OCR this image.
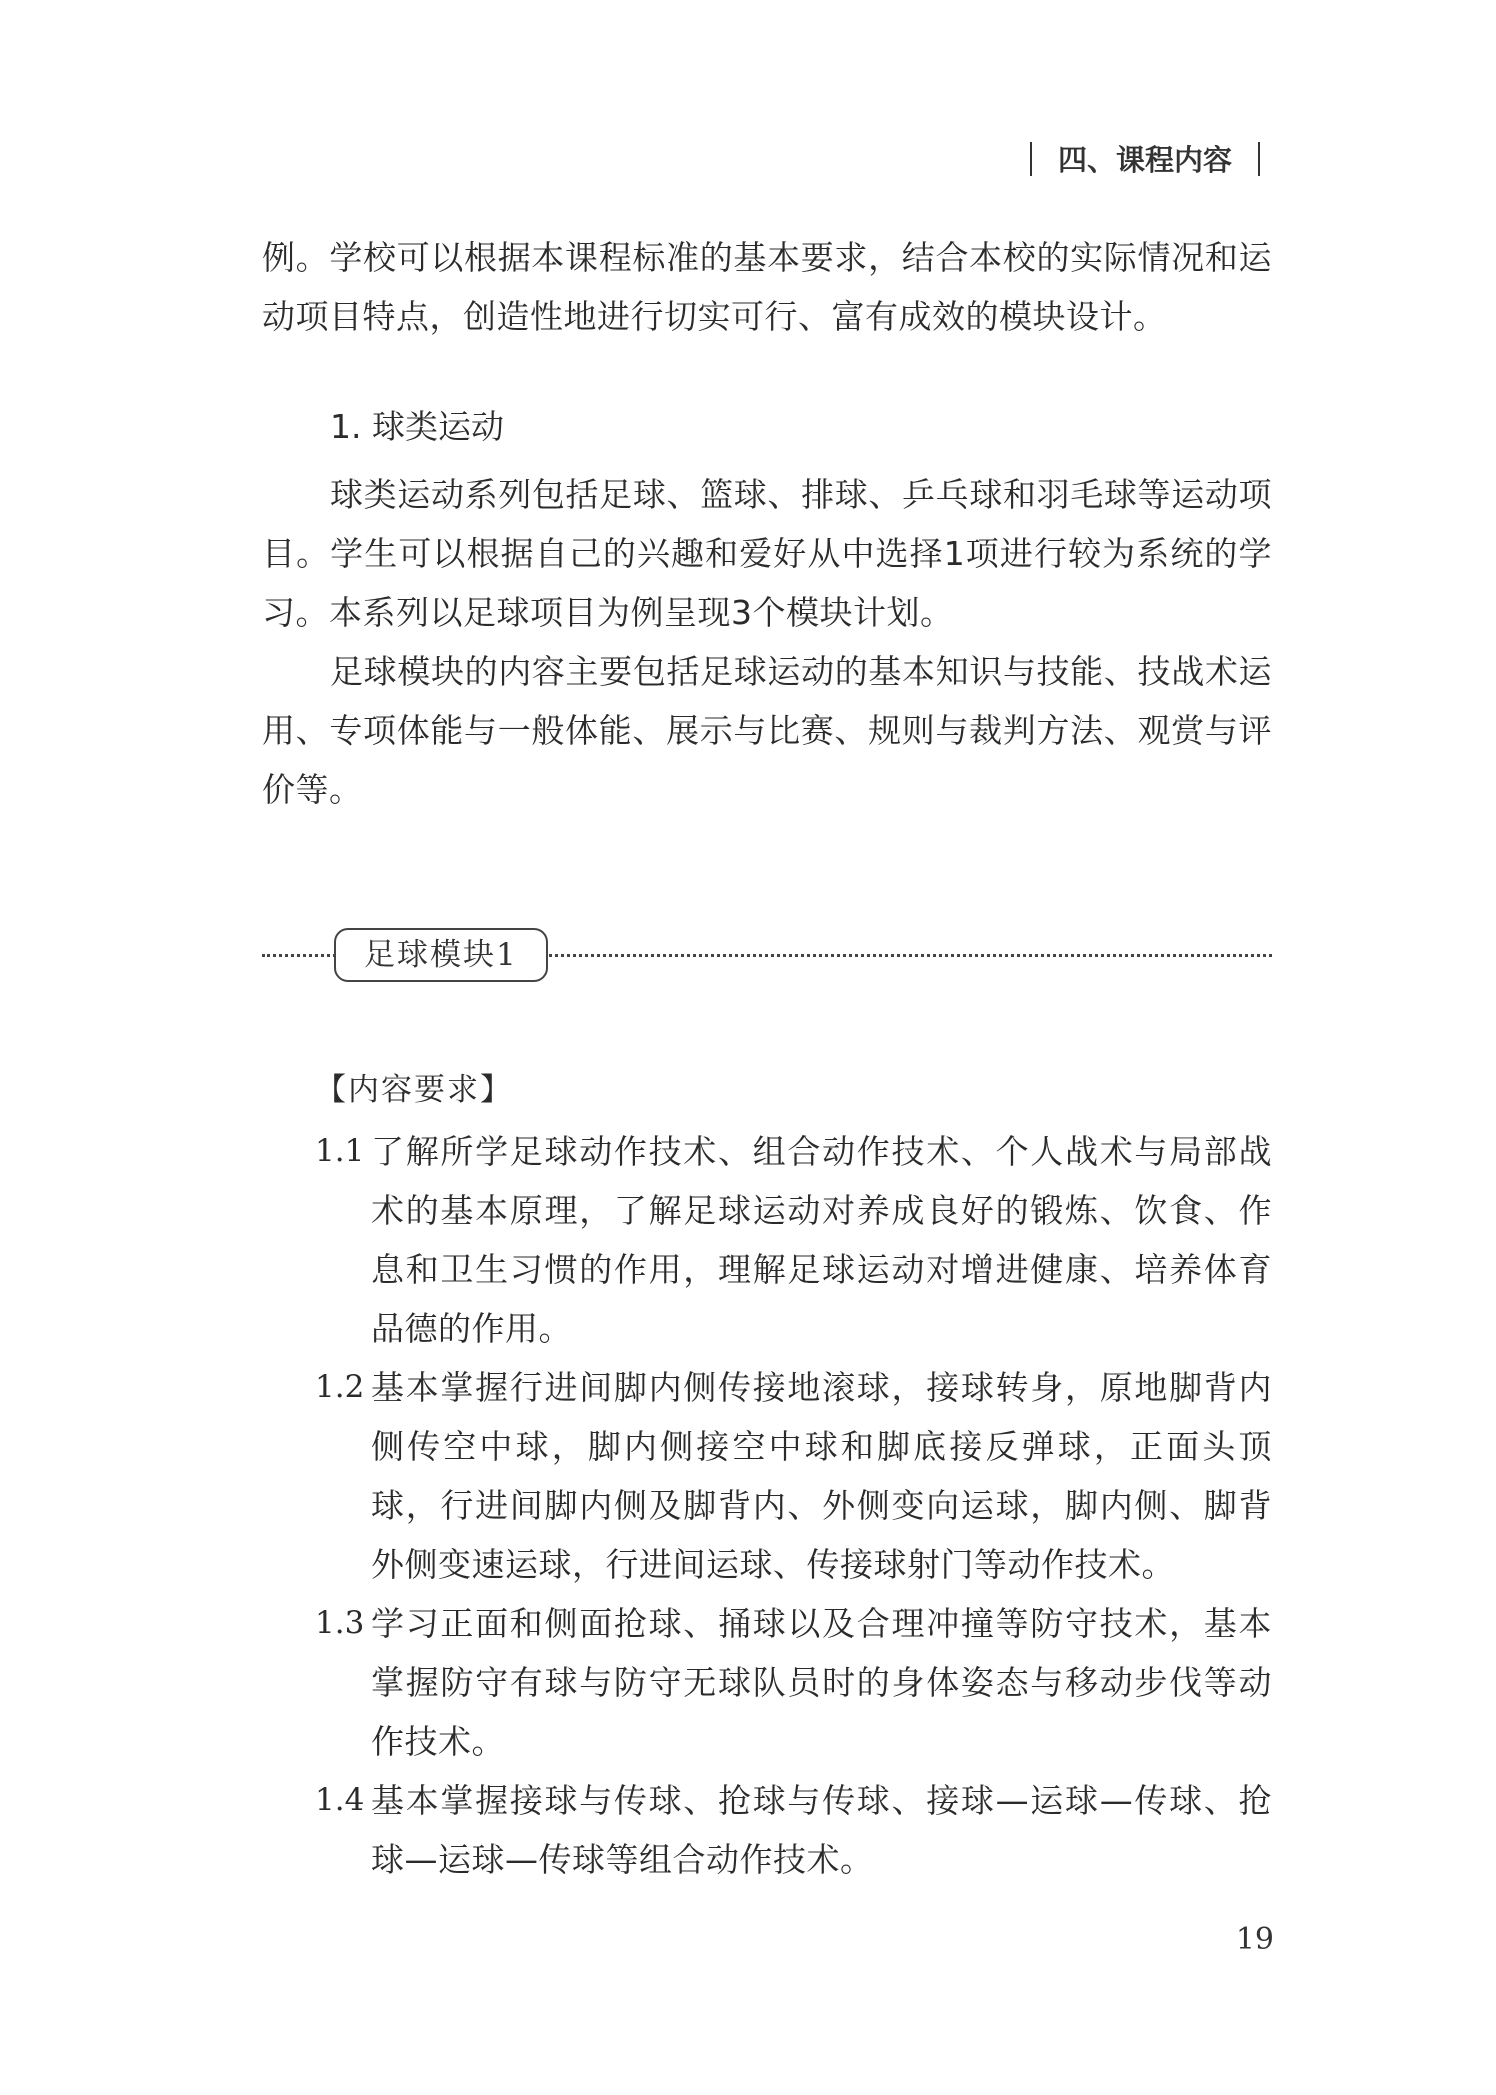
四、课程内容

例。学校可以根据本课程标准的基本要求，结合本校的实际情况和运动项目特点，创造性地进行切实可行、富有成效的模块设计。

1. 球类运动

球类运动系列包括足球、篮球、排球、乒乓球和羽毛球等运动项目。学生可以根据自己的兴趣和爱好从中选择1项进行较为系统的学习。本系列以足球项目为例呈现3个模块计划。

足球模块的内容主要包括足球运动的基本知识与技能、技战术运用、专项体能与一般体能、展示与比赛、规则与裁判方法、观赏与评价等。

足球模块1
【内容要求】
1.1 了解所学足球动作技术、组合动作技术、个人战术与局部战术的基本原理，了解足球运动对养成良好的锻炼、饮食、作息和卫生习惯的作用，理解足球运动对增进健康、培养体育品德的作用。
1.2 基本掌握行进间脚内侧传接地滚球，接球转身，原地脚背内侧传空中球，脚内侧接空中球和脚底接反弹球，正面头顶球，行进间脚内侧及脚背内、外侧变向运球，脚内侧、脚背外侧变速运球，行进间运球、传接球射门等动作技术。
1.3 学习正面和侧面抢球、捅球以及合理冲撞等防守技术，基本掌握防守有球与防守无球队员时的身体姿态与移动步伐等动作技术。
1.4 基本掌握接球与传球、抢球与传球、接球—运球—传球、抢球—运球—传球等组合动作技术。
19
